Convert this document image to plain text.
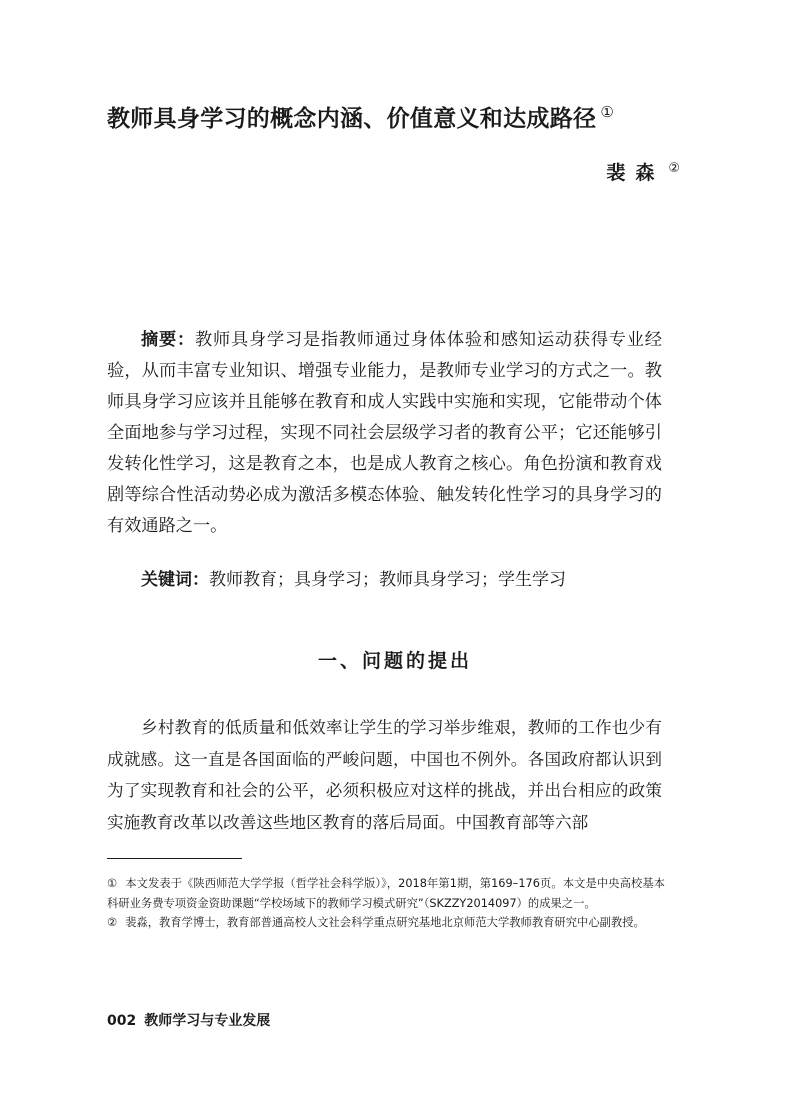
教师具身学习的概念内涵、价值意义和达成路径 ①
裴森 ②

摘要：教师具身学习是指教师通过身体体验和感知运动获得专业经验，从而丰富专业知识、增强专业能力，是教师专业学习的方式之一。教师具身学习应该并且能够在教育和成人实践中实施和实现，它能带动个体全面地参与学习过程，实现不同社会层级学习者的教育公平；它还能够引发转化性学习，这是教育之本，也是成人教育之核心。角色扮演和教育戏剧等综合性活动势必成为激活多模态体验、触发转化性学习的具身学习的有效通路之一。

关键词：教师教育；具身学习；教师具身学习；学生学习
一、问题的提出

乡村教育的低质量和低效率让学生的学习举步维艰，教师的工作也少有成就感。这一直是各国面临的严峻问题，中国也不例外。各国政府都认识到为了实现教育和社会的公平，必须积极应对这样的挑战，并出台相应的政策实施教育改革以改善这些地区教育的落后局面。中国教育部等六部

① 本文发表于《陕西师范大学学报（哲学社会科学版）》，2018年第1期，第169–176页。本文是中央高校基本科研业务费专项资金资助课题“学校场域下的教师学习模式研究”（SKZZY2014097）的成果之一。

② 裴淼，教育学博士，教育部普通高校人文社会科学重点研究基地北京师范大学教师教育研究中心副教授。

002 教师学习与专业发展
